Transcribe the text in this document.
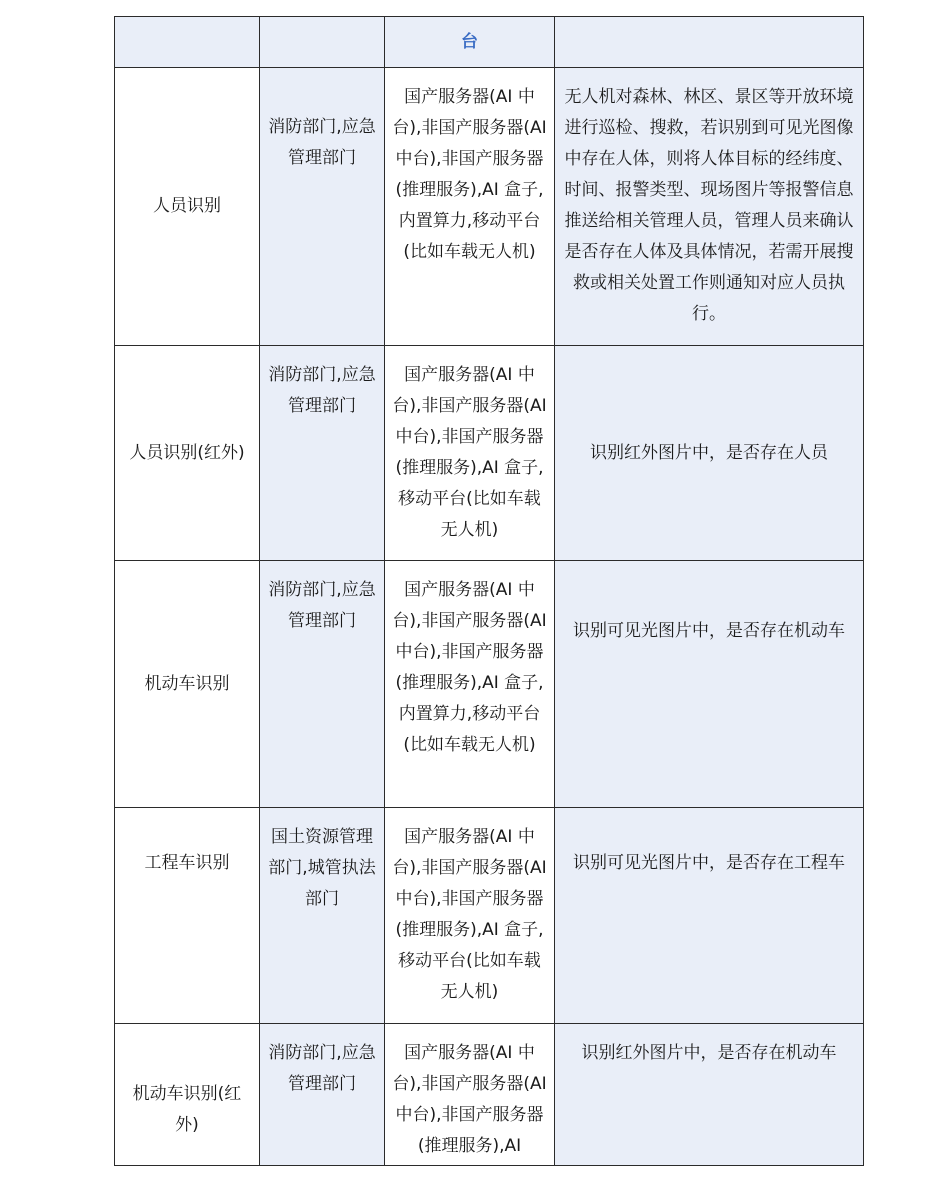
		台	
人员识别	消防部门,应急管理部门	国产服务器(AI 中台),非国产服务器(AI 中台),非国产服务器(推理服务),AI 盒子,内置算力,移动平台(比如车载无人机)	无人机对森林、林区、景区等开放环境进行巡检、搜救，若识别到可见光图像中存在人体，则将人体目标的经纬度、时间、报警类型、现场图片等报警信息推送给相关管理人员，管理人员来确认是否存在人体及具体情况，若需开展搜救或相关处置工作则通知对应人员执行。
人员识别(红外)	消防部门,应急管理部门	国产服务器(AI 中台),非国产服务器(AI 中台),非国产服务器(推理服务),AI 盒子,移动平台(比如车载无人机)	识别红外图片中，是否存在人员
机动车识别	消防部门,应急管理部门	国产服务器(AI 中台),非国产服务器(AI 中台),非国产服务器(推理服务),AI 盒子,内置算力,移动平台(比如车载无人机)	识别可见光图片中，是否存在机动车
工程车识别	国土资源管理部门,城管执法部门	国产服务器(AI 中台),非国产服务器(AI 中台),非国产服务器(推理服务),AI 盒子,移动平台(比如车载无人机)	识别可见光图片中，是否存在工程车
机动车识别(红外)	消防部门,应急管理部门	国产服务器(AI 中台),非国产服务器(AI 中台),非国产服务器(推理服务),AI	识别红外图片中，是否存在机动车
